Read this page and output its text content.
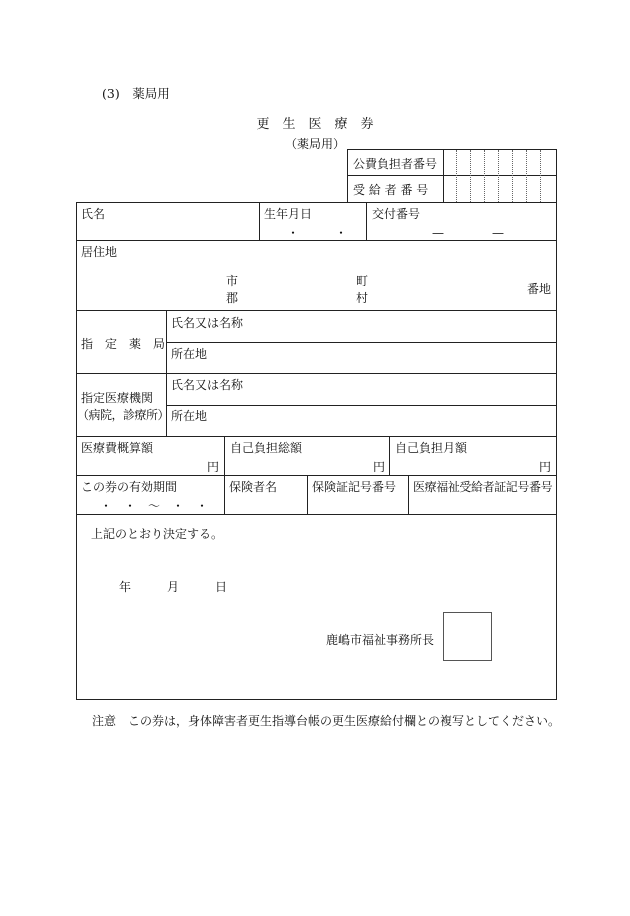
(3)　薬局用
更　生　医　療　券
（薬局用）
公費負担者番号
受 給 者 番 号
氏名	生年月日
・　　　・
交付番号
—　　　　—
居住地
市
郡
町
村
番地
指　定　薬　局
氏名又は名称
所在地
指定医療機関
（病院，診療所）
氏名又は名称
所在地
医療費概算額
円
自己負担総額
円
自己負担月額
円
この券の有効期間
・　・　～　・　・
保険者名	保険証記号番号 医療福祉受給者証記号番号
上記のとおり決定する。
年　　　月　　　日
鹿嶋市福祉事務所長
注意　この券は，身体障害者更生指導台帳の更生医療給付欄との複写としてください。
